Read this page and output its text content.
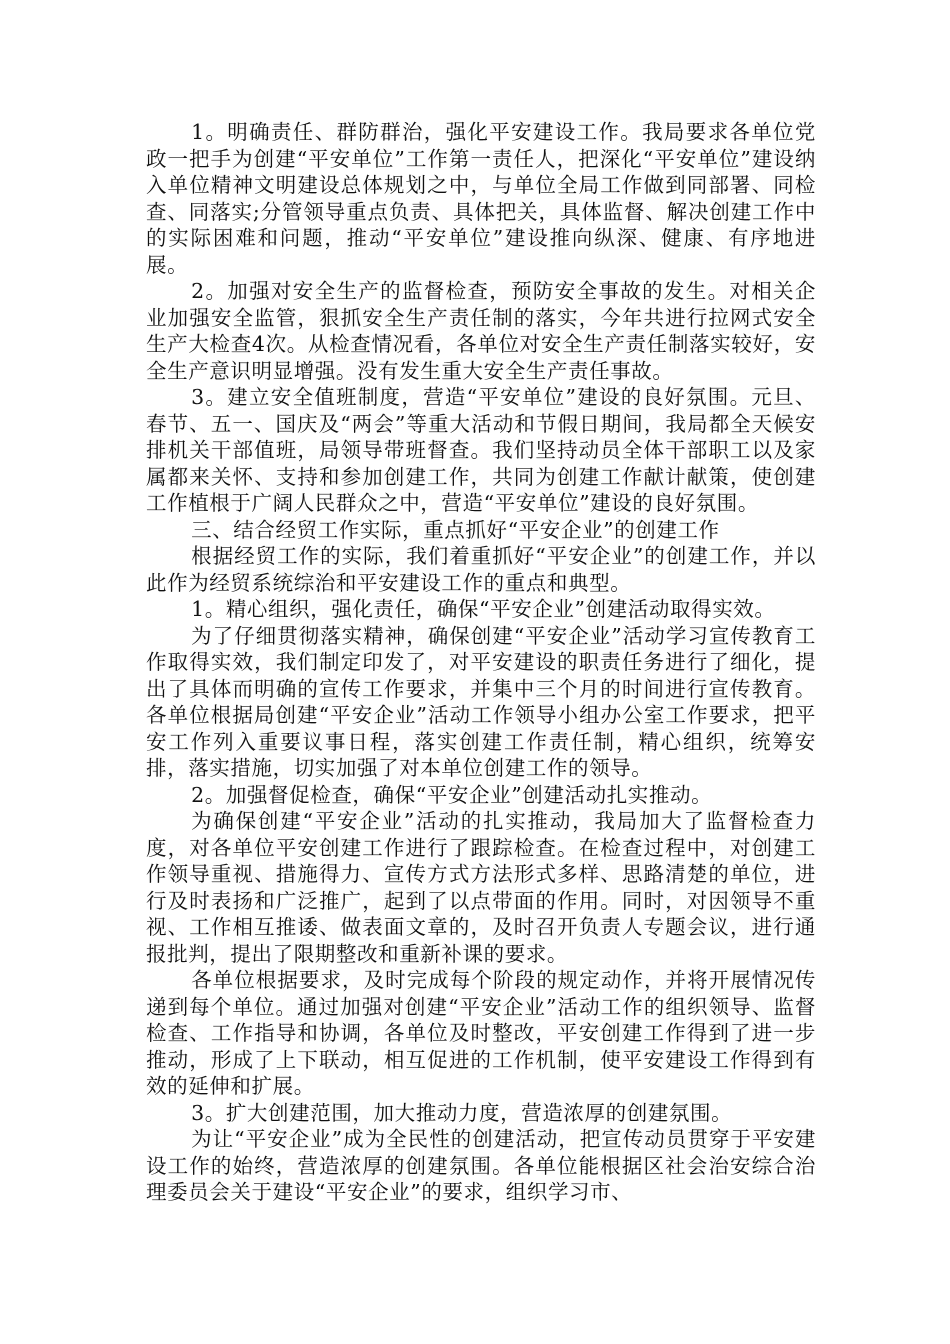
1。明确责任、群防群治，强化平安建设工作。我局要求各单位党政一把手为创建“平安单位”工作第一责任人，把深化“平安单位”建设纳入单位精神文明建设总体规划之中，与单位全局工作做到同部署、同检查、同落实;分管领导重点负责、具体把关，具体监督、解决创建工作中的实际困难和问题，推动“平安单位”建设推向纵深、健康、有序地进展。

2。加强对安全生产的监督检查，预防安全事故的发生。对相关企业加强安全监管，狠抓安全生产责任制的落实，今年共进行拉网式安全生产大检查4次。从检查情况看，各单位对安全生产责任制落实较好，安全生产意识明显增强。没有发生重大安全生产责任事故。

3。建立安全值班制度，营造“平安单位”建设的良好氛围。元旦、春节、五一、国庆及“两会”等重大活动和节假日期间，我局都全天候安排机关干部值班，局领导带班督查。我们坚持动员全体干部职工以及家属都来关怀、支持和参加创建工作，共同为创建工作献计献策，使创建工作植根于广阔人民群众之中，营造“平安单位”建设的良好氛围。

三、结合经贸工作实际，重点抓好“平安企业”的创建工作

根据经贸工作的实际，我们着重抓好“平安企业”的创建工作，并以此作为经贸系统综治和平安建设工作的重点和典型。

1。精心组织，强化责任，确保“平安企业”创建活动取得实效。

为了仔细贯彻落实精神，确保创建“平安企业”活动学习宣传教育工作取得实效，我们制定印发了，对平安建设的职责任务进行了细化，提出了具体而明确的宣传工作要求，并集中三个月的时间进行宣传教育。各单位根据局创建“平安企业”活动工作领导小组办公室工作要求，把平安工作列入重要议事日程，落实创建工作责任制，精心组织，统筹安排，落实措施，切实加强了对本单位创建工作的领导。

2。加强督促检查，确保“平安企业”创建活动扎实推动。

为确保创建“平安企业”活动的扎实推动，我局加大了监督检查力度，对各单位平安创建工作进行了跟踪检查。在检查过程中，对创建工作领导重视、措施得力、宣传方式方法形式多样、思路清楚的单位，进行及时表扬和广泛推广，起到了以点带面的作用。同时，对因领导不重视、工作相互推诿、做表面文章的，及时召开负责人专题会议，进行通报批判，提出了限期整改和重新补课的要求。

各单位根据要求，及时完成每个阶段的规定动作，并将开展情况传递到每个单位。通过加强对创建“平安企业”活动工作的组织领导、监督检查、工作指导和协调，各单位及时整改，平安创建工作得到了进一步推动，形成了上下联动，相互促进的工作机制，使平安建设工作得到有效的延伸和扩展。

3。扩大创建范围，加大推动力度，营造浓厚的创建氛围。

为让“平安企业”成为全民性的创建活动，把宣传动员贯穿于平安建设工作的始终，营造浓厚的创建氛围。各单位能根据区社会治安综合治理委员会关于建设“平安企业”的要求，组织学习市、
